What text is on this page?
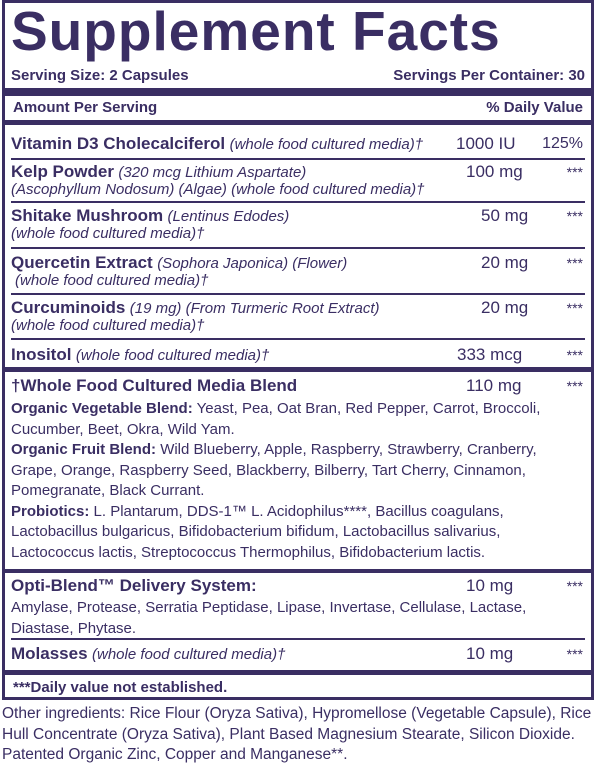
Supplement Facts
Serving Size: 2 Capsules	Servings Per Container: 30
Amount Per Serving	% Daily Value
Vitamin D3 Cholecalciferol (whole food cultured media)† 1000 IU 125%
Kelp Powder (320 mcg Lithium Aspartate)
(Ascophyllum Nodosum) (Algae) (whole food cultured media)†
100 mg	***
Shitake Mushroom (Lentinus Edodes)
(whole food cultured media)†
50 mg	***
Quercetin Extract (Sophora Japonica) (Flower)
(whole food cultured media)†
20 mg	***
Curcuminoids (19 mg) (From Turmeric Root Extract)
(whole food cultured media)†
20 mg	***
Inositol (whole food cultured media)†	333 mcg	***
†Whole Food Cultured Media Blend	110 mg	***
Organic Vegetable Blend: Yeast, Pea, Oat Bran, Red Pepper, Carrot, Broccoli, Cucumber, Beet, Okra, Wild Yam.
Organic Fruit Blend: Wild Blueberry, Apple, Raspberry, Strawberry, Cranberry, Grape, Orange, Raspberry Seed, Blackberry, Bilberry, Tart Cherry, Cinnamon, Pomegranate, Black Currant.
Probiotics: L. Plantarum, DDS-1™ L. Acidophilus****, Bacillus coagulans, Lactobacillus bulgaricus, Bifidobacterium bifidum, Lactobacillus salivarius, Lactococcus lactis, Streptococcus Thermophilus, Bifidobacterium lactis.
Opti-Blend™ Delivery System:	10 mg	***
Amylase, Protease, Serratia Peptidase, Lipase, Invertase, Cellulase, Lactase, Diastase, Phytase.
Molasses (whole food cultured media)†	10 mg	***
***Daily value not established.
Other ingredients: Rice Flour (Oryza Sativa), Hypromellose (Vegetable Capsule), Rice Hull Concentrate (Oryza Sativa), Plant Based Magnesium Stearate, Silicon Dioxide. Patented Organic Zinc, Copper and Manganese**.
